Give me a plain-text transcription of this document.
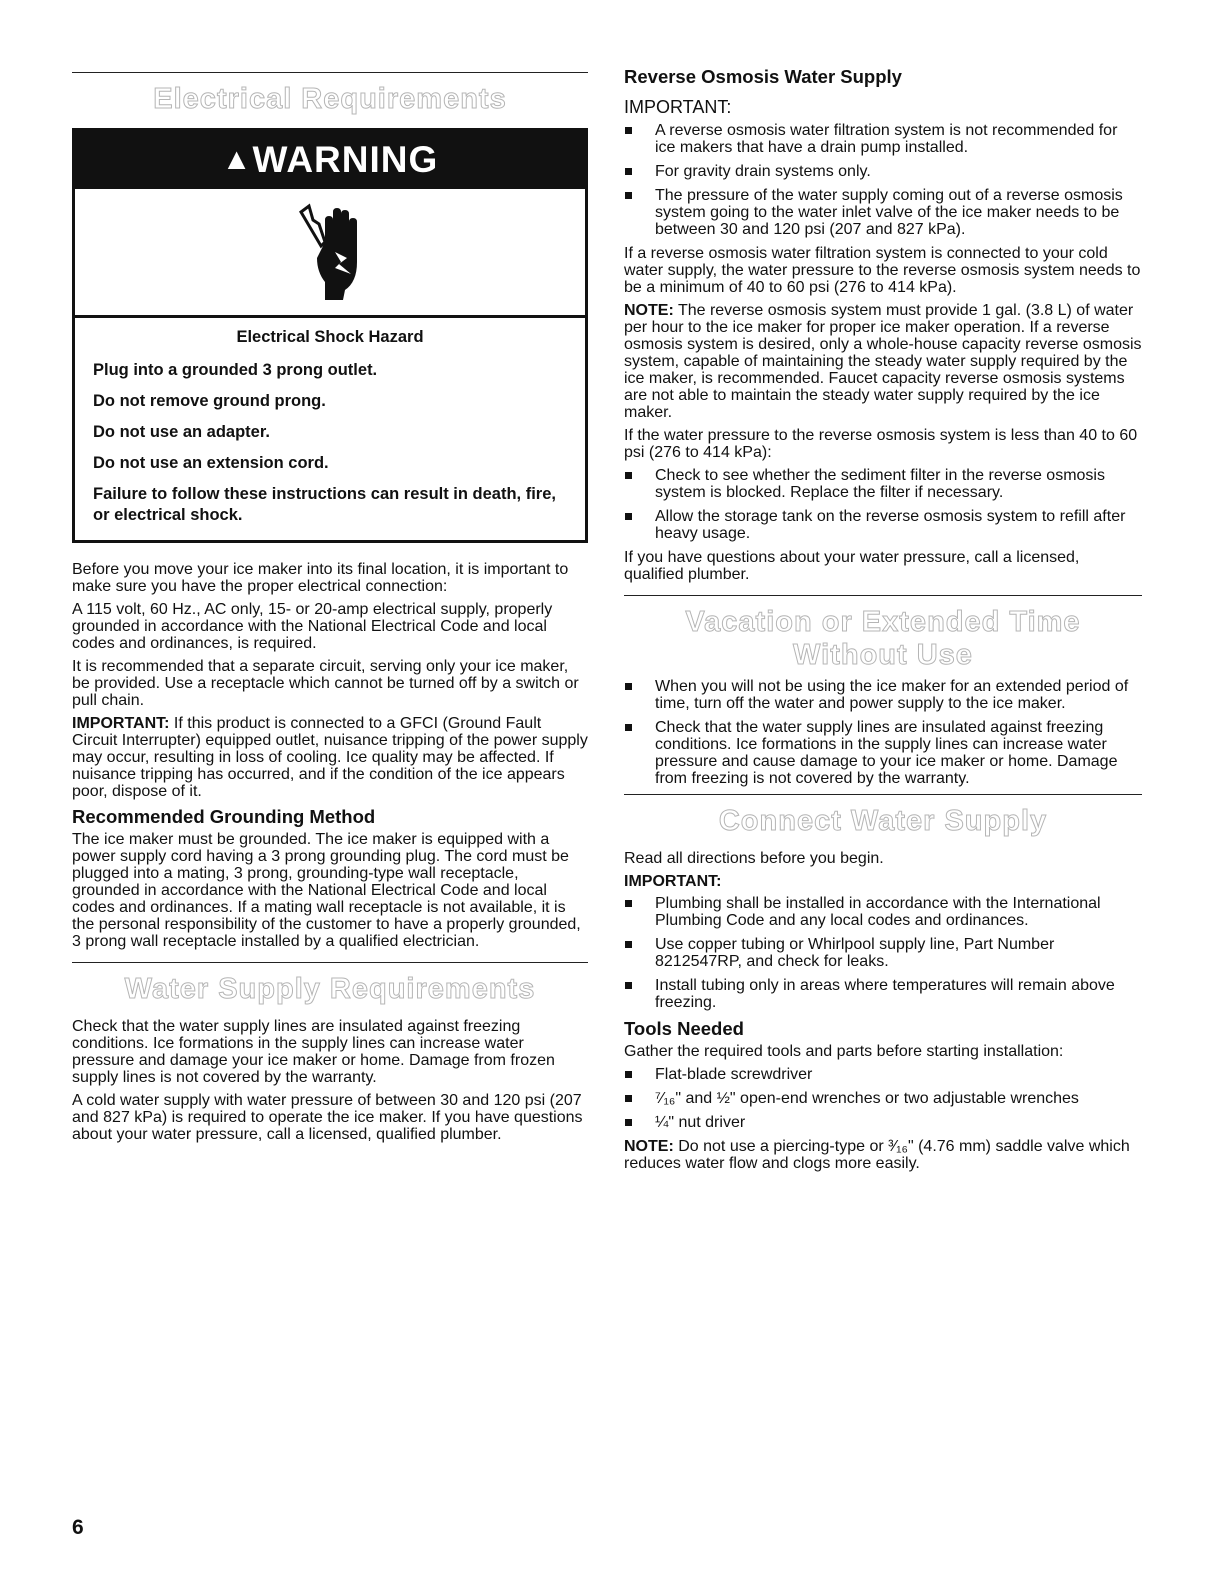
Electrical Requirements
▲WARNING
Electrical Shock Hazard
Plug into a grounded 3 prong outlet.
Do not remove ground prong.
Do not use an adapter.
Do not use an extension cord.
Failure to follow these instructions can result in death, fire, or electrical shock.

Before you move your ice maker into its final location, it is important to make sure you have the proper electrical connection:

A 115 volt, 60 Hz., AC only, 15- or 20-amp electrical supply, properly grounded in accordance with the National Electrical Code and local codes and ordinances, is required.

It is recommended that a separate circuit, serving only your ice maker, be provided. Use a receptacle which cannot be turned off by a switch or pull chain.

IMPORTANT: If this product is connected to a GFCI (Ground Fault Circuit Interrupter) equipped outlet, nuisance tripping of the power supply may occur, resulting in loss of cooling. Ice quality may be affected. If nuisance tripping has occurred, and if the condition of the ice appears poor, dispose of it.

Recommended Grounding Method

The ice maker must be grounded. The ice maker is equipped with a power supply cord having a 3 prong grounding plug. The cord must be plugged into a mating, 3 prong, grounding-type wall receptacle, grounded in accordance with the National Electrical Code and local codes and ordinances. If a mating wall receptacle is not available, it is the personal responsibility of the customer to have a properly grounded, 3 prong wall receptacle installed by a qualified electrician.

Water Supply Requirements

Check that the water supply lines are insulated against freezing conditions. Ice formations in the supply lines can increase water pressure and damage your ice maker or home. Damage from frozen supply lines is not covered by the warranty.

A cold water supply with water pressure of between 30 and 120 psi (207 and 827 kPa) is required to operate the ice maker. If you have questions about your water pressure, call a licensed, qualified plumber.

Reverse Osmosis Water Supply
IMPORTANT:
A reverse osmosis water filtration system is not recommended for ice makers that have a drain pump installed.
For gravity drain systems only.
The pressure of the water supply coming out of a reverse osmosis system going to the water inlet valve of the ice maker needs to be between 30 and 120 psi (207 and 827 kPa).

If a reverse osmosis water filtration system is connected to your cold water supply, the water pressure to the reverse osmosis system needs to be a minimum of 40 to 60 psi (276 to 414 kPa).

NOTE: The reverse osmosis system must provide 1 gal. (3.8 L) of water per hour to the ice maker for proper ice maker operation. If a reverse osmosis system is desired, only a whole-house capacity reverse osmosis system, capable of maintaining the steady water supply required by the ice maker, is recommended. Faucet capacity reverse osmosis systems are not able to maintain the steady water supply required by the ice maker.

If the water pressure to the reverse osmosis system is less than 40 to 60 psi (276 to 414 kPa):

Check to see whether the sediment filter in the reverse osmosis system is blocked. Replace the filter if necessary.
Allow the storage tank on the reverse osmosis system to refill after heavy usage.

If you have questions about your water pressure, call a licensed, qualified plumber.

Vacation or Extended Time
Without Use
When you will not be using the ice maker for an extended period of time, turn off the water and power supply to the ice maker.
Check that the water supply lines are insulated against freezing conditions. Ice formations in the supply lines can increase water pressure and cause damage to your ice maker or home. Damage from freezing is not covered by the warranty.
Connect Water Supply

Read all directions before you begin.

IMPORTANT:

Plumbing shall be installed in accordance with the International Plumbing Code and any local codes and ordinances.
Use copper tubing or Whirlpool supply line, Part Number 8212547RP, and check for leaks.
Install tubing only in areas where temperatures will remain above freezing.
Tools Needed

Gather the required tools and parts before starting installation:

Flat-blade screwdriver
⁷⁄₁₆" and ½" open-end wrenches or two adjustable wrenches
¼" nut driver

NOTE: Do not use a piercing-type or ³⁄₁₆" (4.76 mm) saddle valve which reduces water flow and clogs more easily.

6
